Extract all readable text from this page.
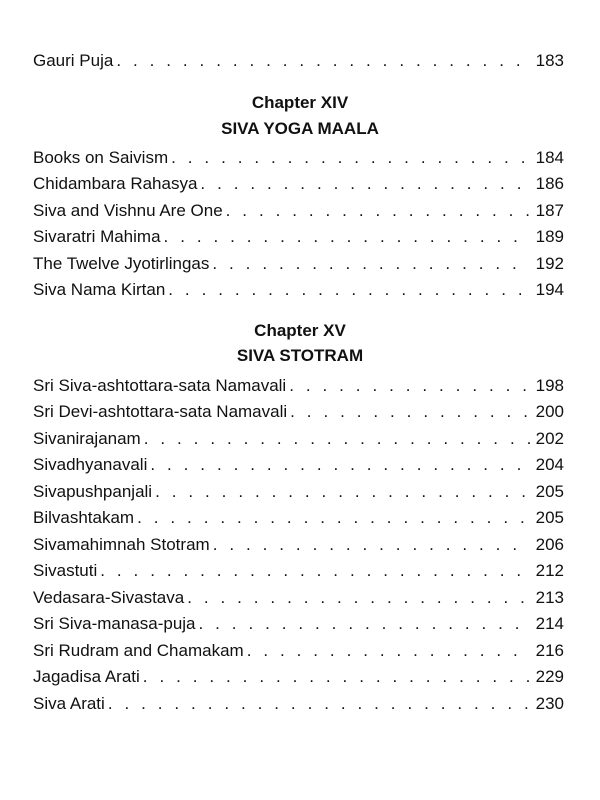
Gauri Puja . . .	183
Chapter XIV
SIVA YOGA MAALA
Books on Saivism . . .	184
Chidambara Rahasya . . .	186
Siva and Vishnu Are One . . .	187
Sivaratri Mahima . . .	189
The Twelve Jyotirlingas . . .	192
Siva Nama Kirtan . . .	194
Chapter XV
SIVA STOTRAM
Sri Siva-ashtottara-sata Namavali . . .	198
Sri Devi-ashtottara-sata Namavali . . .	200
Sivanirajanam . . .	202
Sivadhyanavali . . .	204
Sivapushpanjali . . .	205
Bilvashtakam . . .	205
Sivamahimnah Stotram . . .	206
Sivastuti . . .	212
Vedasara-Sivastava . . .	213
Sri Siva-manasa-puja . . .	214
Sri Rudram and Chamakam . . .	216
Jagadisa Arati . . .	229
Siva Arati . . .	230
